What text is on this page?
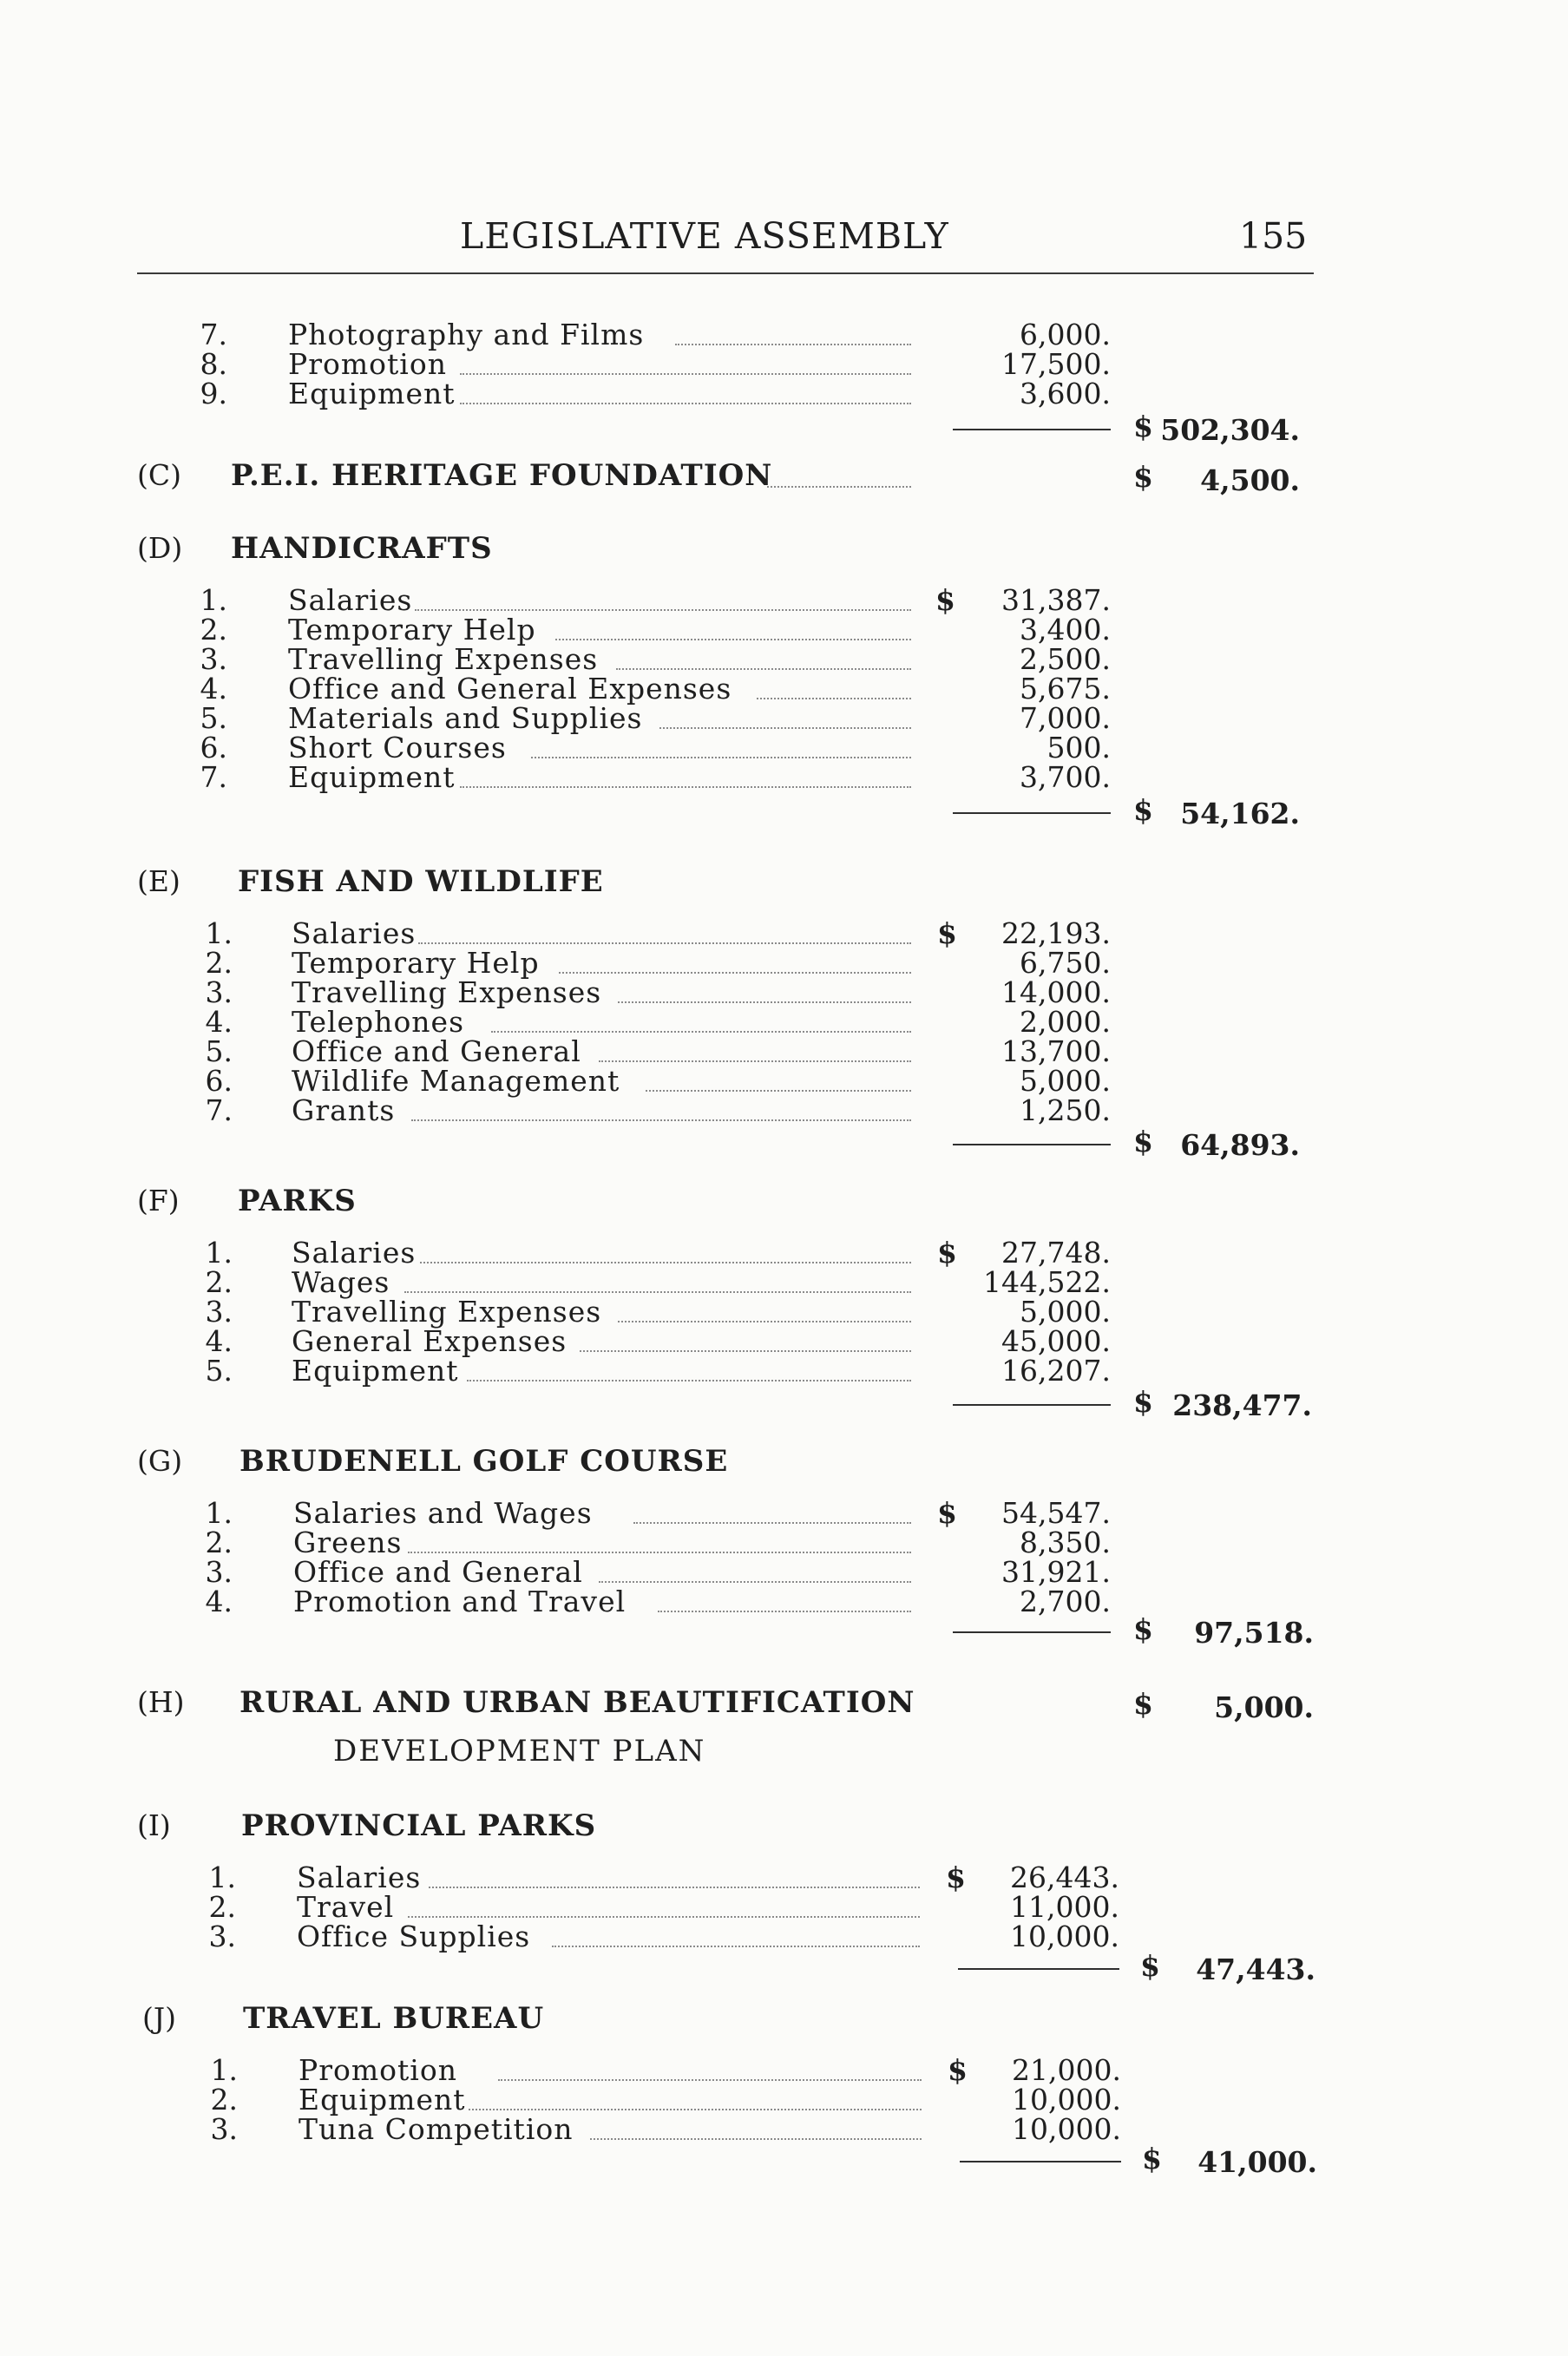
LEGISLATIVE ASSEMBLY	155
7. Photography and Films	6,000.
8. Promotion	17,500.
9. Equipment	3,600.
$ 502,304.
(C) P.E.I. HERITAGE FOUNDATION	$	4,500.
(D) HANDICRAFTS
1. Salaries	$	31,387.
2. Temporary Help	3,400.
3. Travelling Expenses	2,500.
4. Office and General Expenses	5,675.
5. Materials and Supplies	7,000.
6. Short Courses	500.
7. Equipment	3,700.
$ 54,162.
(E) FISH AND WILDLIFE
1. Salaries	$	22,193.
2. Temporary Help	6,750.
3. Travelling Expenses	14,000.
4. Telephones	2,000.
5. Office and General	13,700.
6. Wildlife Management	5,000.
7. Grants	1,250.
$ 64,893.
(F) PARKS
1. Salaries	$	27,748.
2. Wages	144,522.
3. Travelling Expenses	5,000.
4. General Expenses	45,000.
5. Equipment	16,207.
$ 238,477.
(G) BRUDENELL GOLF COURSE
1. Salaries and Wages	$	54,547.
2. Greens	8,350.
3. Office and General	31,921.
4. Promotion and Travel	2,700.
$	97,518.
(H) RURAL AND URBAN BEAUTIFICATION
DEVELOPMENT PLAN
$	5,000.
(I) PROVINCIAL PARKS
1. Salaries	$	26,443.
2. Travel	11,000.
3. Office Supplies	10,000.
$	47,443.
(J) TRAVEL BUREAU
1. Promotion	$	21,000.
2. Equipment	10,000.
3. Tuna Competition	10,000.
$	41,000.
